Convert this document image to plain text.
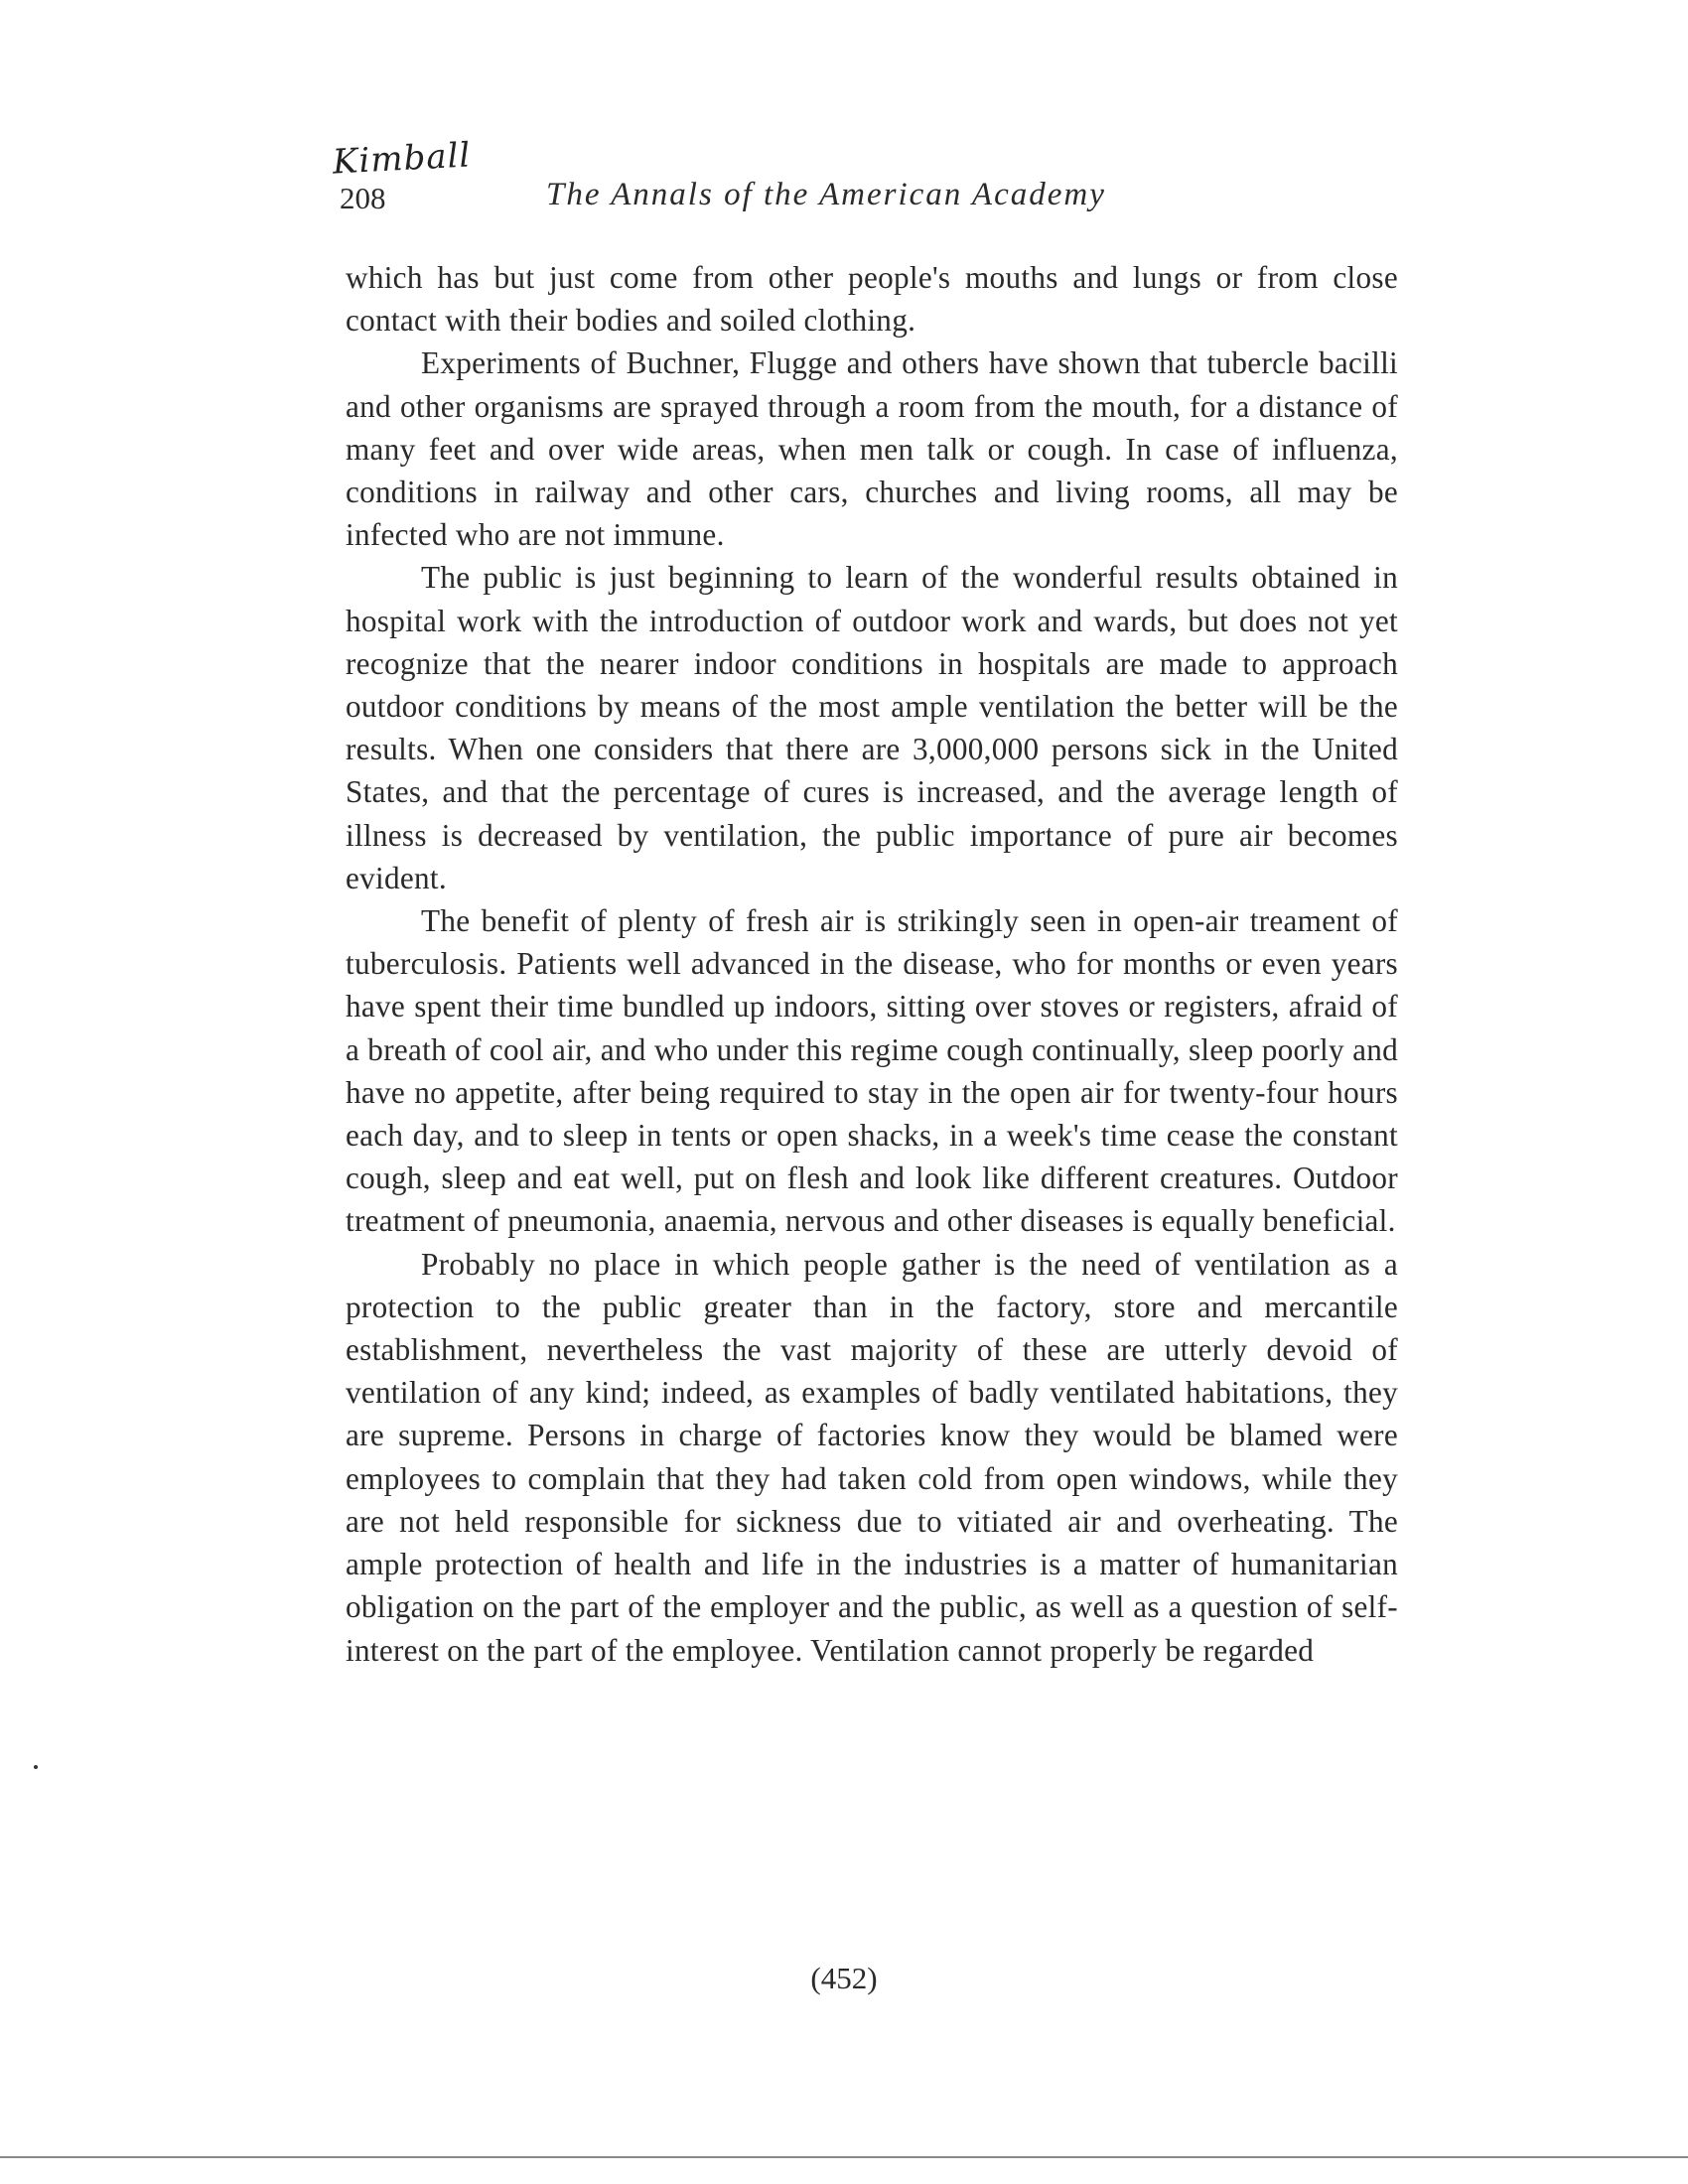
Kimball
208	The Annals of the American Academy

which has but just come from other people's mouths and lungs or from close contact with their bodies and soiled clothing.

Experiments of Buchner, Flugge and others have shown that tubercle bacilli and other organisms are sprayed through a room from the mouth, for a distance of many feet and over wide areas, when men talk or cough. In case of influenza, conditions in railway and other cars, churches and living rooms, all may be infected who are not immune.

The public is just beginning to learn of the wonderful results obtained in hospital work with the introduction of outdoor work and wards, but does not yet recognize that the nearer indoor conditions in hospitals are made to approach outdoor conditions by means of the most ample ventilation the better will be the results. When one considers that there are 3,000,000 persons sick in the United States, and that the percentage of cures is increased, and the average length of illness is decreased by ventilation, the public importance of pure air becomes evident.

The benefit of plenty of fresh air is strikingly seen in open-air treament of tuberculosis. Patients well advanced in the disease, who for months or even years have spent their time bundled up indoors, sitting over stoves or registers, afraid of a breath of cool air, and who under this regime cough continually, sleep poorly and have no appetite, after being required to stay in the open air for twenty-four hours each day, and to sleep in tents or open shacks, in a week's time cease the constant cough, sleep and eat well, put on flesh and look like different creatures. Outdoor treatment of pneumonia, anaemia, nervous and other diseases is equally beneficial.

Probably no place in which people gather is the need of ventilation as a protection to the public greater than in the factory, store and mercantile establishment, nevertheless the vast majority of these are utterly devoid of ventilation of any kind; indeed, as examples of badly ventilated habitations, they are supreme. Persons in charge of factories know they would be blamed were employees to complain that they had taken cold from open windows, while they are not held responsible for sickness due to vitiated air and overheating. The ample protection of health and life in the industries is a matter of humanitarian obligation on the part of the employer and the public, as well as a question of self-interest on the part of the employee. Ventilation cannot properly be regarded

(452)
